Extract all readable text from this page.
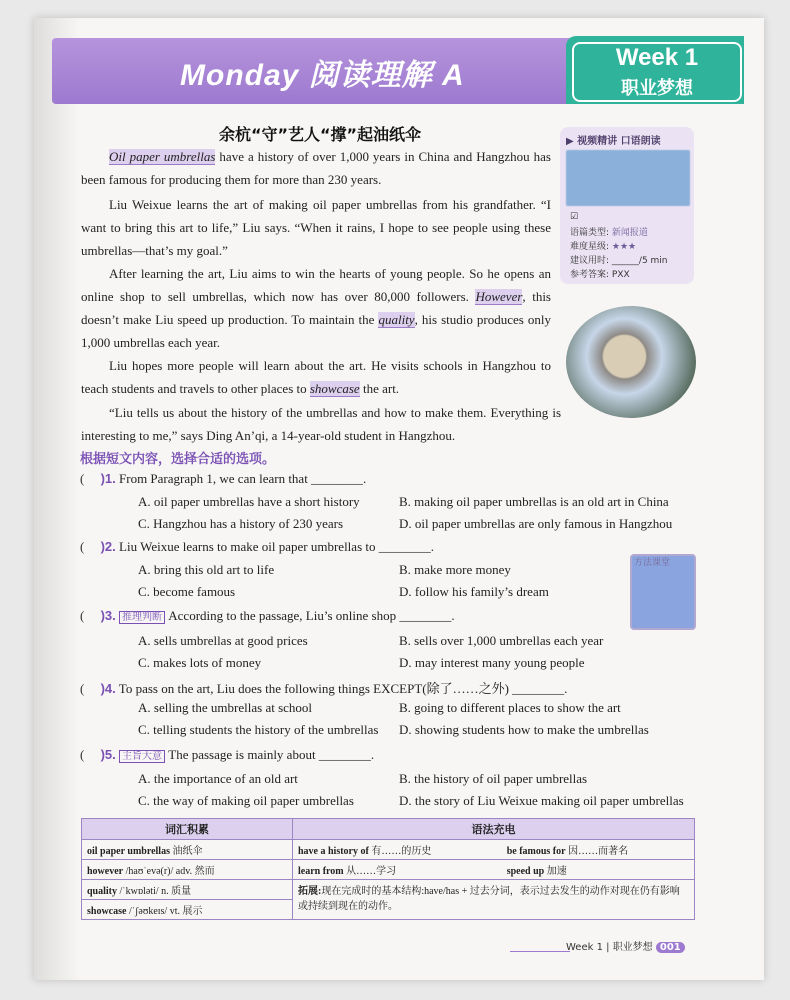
Monday 阅读理解 A
Week 1
职业梦想
余杭“守”艺人“撑”起油纸伞
Oil paper umbrellas have a history of over 1,000 years in China and Hangzhou has been famous for producing them for more than 230 years.
Liu Weixue learns the art of making oil paper umbrellas from his grandfather. “I want to bring this art to life,” Liu says. “When it rains, I hope to see people using these umbrellas—that’s my goal.”
After learning the art, Liu aims to win the hearts of young people. So he opens an online shop to sell umbrellas, which now has over 80,000 followers. However, this doesn’t make Liu speed up production. To maintain the quality, his studio produces only 1,000 umbrellas each year.
Liu hopes more people will learn about the art. He visits schools in Hangzhou to teach students and travels to other places to showcase the art.
“Liu tells us about the history of the umbrellas and how to make them. Everything is interesting to me,” says Ding An’qi, a 14-year-old student in Hangzhou.
▶ 视频精讲 口语朗读
☑
语篇类型: 新闻报道
难度星级: ★★★
建议用时: ______/5 min
参考答案: PXX
方法课堂
根据短文内容，选择合适的选项。
( )1. From Paragraph 1, we can learn that ________.
A. oil paper umbrellas have a short history	B. making oil paper umbrellas is an old art in China
C. Hangzhou has a history of 230 years	D. oil paper umbrellas are only famous in Hangzhou
( )2. Liu Weixue learns to make oil paper umbrellas to ________.
A. bring this old art to life	B. make more money
C. become famous	D. follow his family’s dream
( )3. 推理判断 According to the passage, Liu’s online shop ________.
A. sells umbrellas at good prices	B. sells over 1,000 umbrellas each year
C. makes lots of money	D. may interest many young people
( )4. To pass on the art, Liu does the following things EXCEPT(除了……之外) ________.
A. selling the umbrellas at school	B. going to different places to show the art
C. telling students the history of the umbrellas D. showing students how to make the umbrellas
( )5. 主旨大意 The passage is mainly about ________.
A. the importance of an old art	B. the history of oil paper umbrellas
C. the way of making oil paper umbrellas	D. the story of Liu Weixue making oil paper umbrellas
词汇积累	语法充电	
oil paper umbrellas 油纸伞	have a history of 有……的历史	be famous for 因……而著名
however /haʊˈevə(r)/ adv. 然而	learn from 从……学习	speed up 加速
quality /ˈkwɒləti/ n. 质量	拓展:现在完成时的基本结构:have/has + 过去分词，表示过去发生的动作对现在仍有影响或持续到现在的动作。	
showcase /ˈʃəʊkeɪs/ vt. 展示		
Week 1 | 职业梦想 001
